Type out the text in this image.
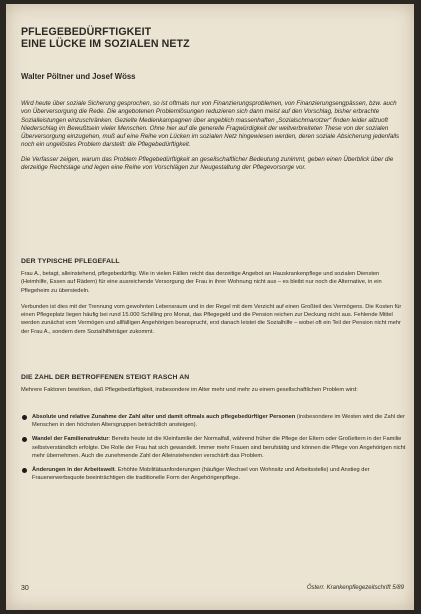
PFLEGEBEDÜRFTIGKEIT
EINE LÜCKE IM SOZIALEN NETZ
Walter Pöltner und Josef Wöss

Wird heute über soziale Sicherung gesprochen, so ist oftmals nur von Finanzierungsproblemen, von Finanzierungsengpässen, bzw. auch von Überversorgung die Rede. Die angebotenen Problemlösungen reduzieren sich dann meist auf den Vorschlag, bisher erbrachte Sozialleistungen einzuschränken. Gezielte Medienkampagnen über angeblich massenhaften „Sozialschmarotzer“ finden leider allzuoft Niederschlag im Bewußtsein vieler Menschen. Ohne hier auf die generelle Fragwürdigkeit der weitverbreiteten These von der sozialen Überversorgung einzugehen, muß auf eine Reihe von Lücken im sozialen Netz hingewiesen werden, deren soziale Absicherung jedenfalls noch ein ungelöstes Problem darstellt: die Pflegebedürftigkeit.

Die Verfasser zeigen, warum das Problem Pflegebedürftigkeit an gesellschaftlicher Bedeutung zunimmt, geben einen Überblick über die derzeitige Rechtslage und legen eine Reihe von Vorschlägen zur Neugestaltung der Pflegevorsorge vor.

DER TYPISCHE PFLEGEFALL

Frau A., betagt, alleinstehend, pflegebedürftig. Wie in vielen Fällen reicht das derzeitige Angebot an Hauskrankenpflege und sozialen Diensten (Heimhilfe, Essen auf Rädern) für eine ausreichende Versorgung der Frau in ihrer Wohnung nicht aus – es bleibt nur noch die Alternative, in ein Pflegeheim zu übersiedeln.

Verbunden ist dies mit der Trennung vom gewohnten Lebensraum und in der Regel mit dem Verzicht auf einen Großteil des Vermögens. Die Kosten für einen Pflegeplatz liegen häufig bei rund 15.000 Schilling pro Monat, das Pflegegeld und die Pension reichen zur Deckung nicht aus. Fehlende Mittel werden zunächst vom Vermögen und allfälligen Angehörigen beansprucht, erst danach leistet die Sozialhilfe – wobei oft ein Teil der Pension nicht mehr der Frau A., sondern dem Sozialhilfeträger zukommt.

DIE ZAHL DER BETROFFENEN STEIGT RASCH AN

Mehrere Faktoren bewirken, daß Pflegebedürftigkeit, insbesondere im Alter mehr und mehr zu einem gesellschaftlichen Problem wird:

Absolute und relative Zunahme der Zahl alter und damit oftmals auch pflegebedürftiger Personen (insbesondere im Westen wird die Zahl der Menschen in den höchsten Altersgruppen beträchtlich ansteigen).
Wandel der Familienstruktur: Bereits heute ist die Kleinfamilie der Normalfall, während früher die Pflege der Eltern oder Großeltern in der Familie selbstverständlich erfolgte. Die Rolle der Frau hat sich gewandelt. Immer mehr Frauen sind berufstätig und können die Pflege von Angehörigen nicht mehr übernehmen. Auch die zunehmende Zahl der Alleinstehenden verschärft das Problem.
Änderungen in der Arbeitswelt. Erhöhte Mobilitätsanforderungen (häufiger Wechsel von Wohnsitz und Arbeitsstelle) und Anstieg der Frauenerwerbsquote beeinträchtigen die traditionelle Form der Angehörigenpflege.
30	Österr. Krankenpflegezeitschrift 5/89
